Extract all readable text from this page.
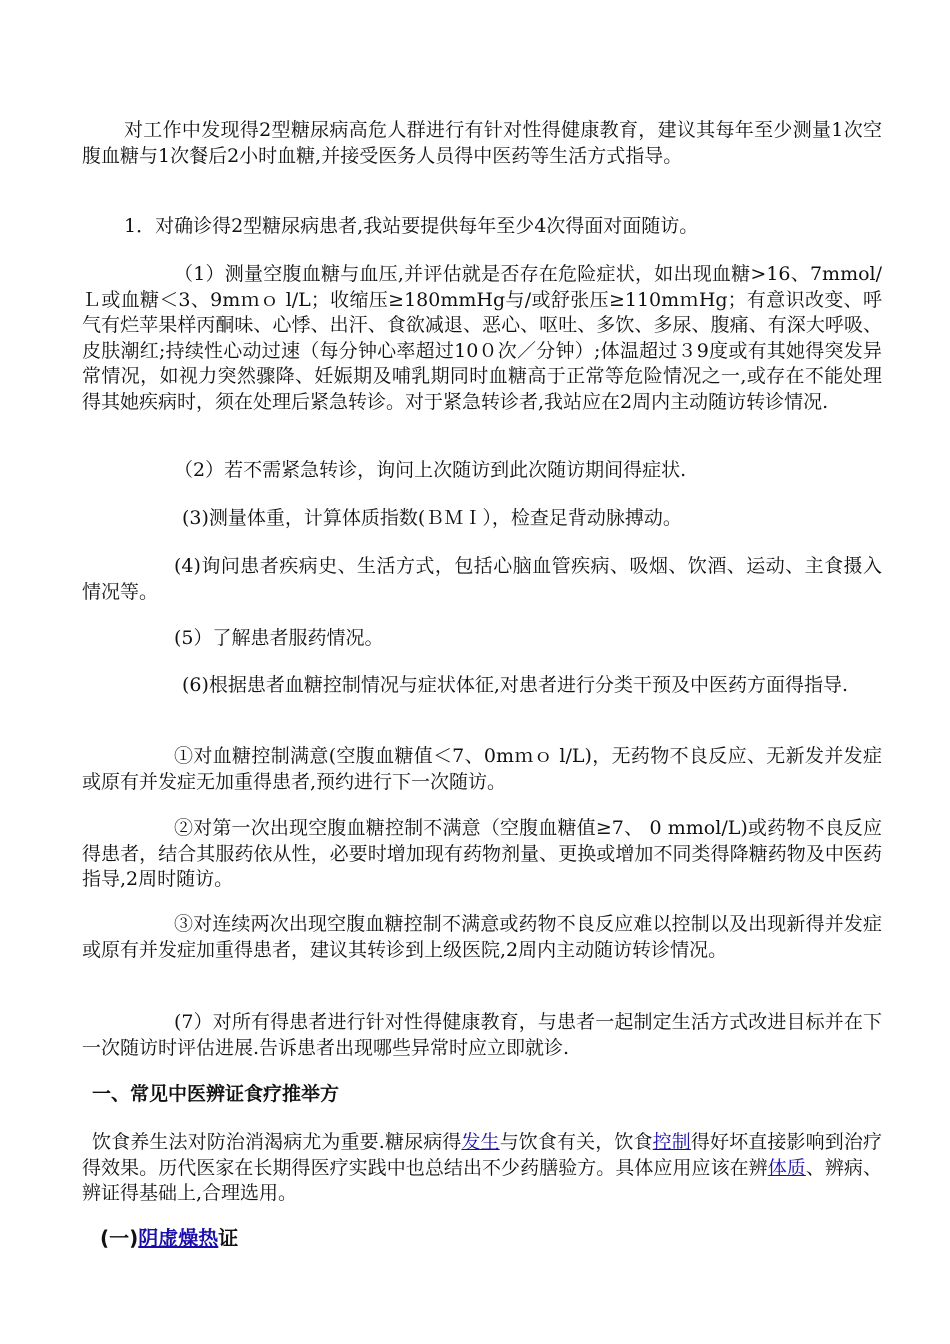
对工作中发现得2型糖尿病高危人群进行有针对性得健康教育，建议其每年至少测量1次空腹血糖与1次餐后2小时血糖,并接受医务人员得中医药等生活方式指导。

1．对确诊得2型糖尿病患者,我站要提供每年至少4次得面对面随访。

（1）测量空腹血糖与血压,并评估就是否存在危险症状，如出现血糖>16、7mmol/Ｌ或血糖＜3、9mｍｏ l/L；收缩压≥180mmHg与/或舒张压≥110mｍHg；有意识改变、呼气有烂苹果样丙酮味、心悸、出汗、食欲减退、恶心、呕吐、多饮、多尿、腹痛、有深大呼吸、皮肤潮红;持续性心动过速（每分钟心率超过10０次／分钟）;体温超过３9度或有其她得突发异常情况，如视力突然骤降、妊娠期及哺乳期同时血糖高于正常等危险情况之一,或存在不能处理得其她疾病时，须在处理后紧急转诊。对于紧急转诊者,我站应在2周内主动随访转诊情况.

（2）若不需紧急转诊，询问上次随访到此次随访期间得症状.

(3)测量体重，计算体质指数(ＢＭＩ），检查足背动脉搏动。

(4)询问患者疾病史、生活方式，包括心脑血管疾病、吸烟、饮酒、运动、主食摄入情况等。

(5）了解患者服药情况。

(6)根据患者血糖控制情况与症状体征,对患者进行分类干预及中医药方面得指导.

①对血糖控制满意(空腹血糖值＜7、0mｍｏ l/L)，无药物不良反应、无新发并发症或原有并发症无加重得患者,预约进行下一次随访。

②对第一次出现空腹血糖控制不满意（空腹血糖值≥7、 0 mmol/L)或药物不良反应得患者，结合其服药依从性，必要时增加现有药物剂量、更换或增加不同类得降糖药物及中医药指导,2周时随访。

③对连续两次出现空腹血糖控制不满意或药物不良反应难以控制以及出现新得并发症或原有并发症加重得患者，建议其转诊到上级医院,2周内主动随访转诊情况。

(7）对所有得患者进行针对性得健康教育，与患者一起制定生活方式改进目标并在下一次随访时评估进展.告诉患者出现哪些异常时应立即就诊.

一、常见中医辨证食疗推举方

饮食养生法对防治消渴病尤为重要.糖尿病得发生与饮食有关，饮食控制得好坏直接影响到治疗得效果。历代医家在长期得医疗实践中也总结出不少药膳验方。具体应用应该在辨体质、辨病、辨证得基础上,合理选用。

(一)阴虚燥热证
